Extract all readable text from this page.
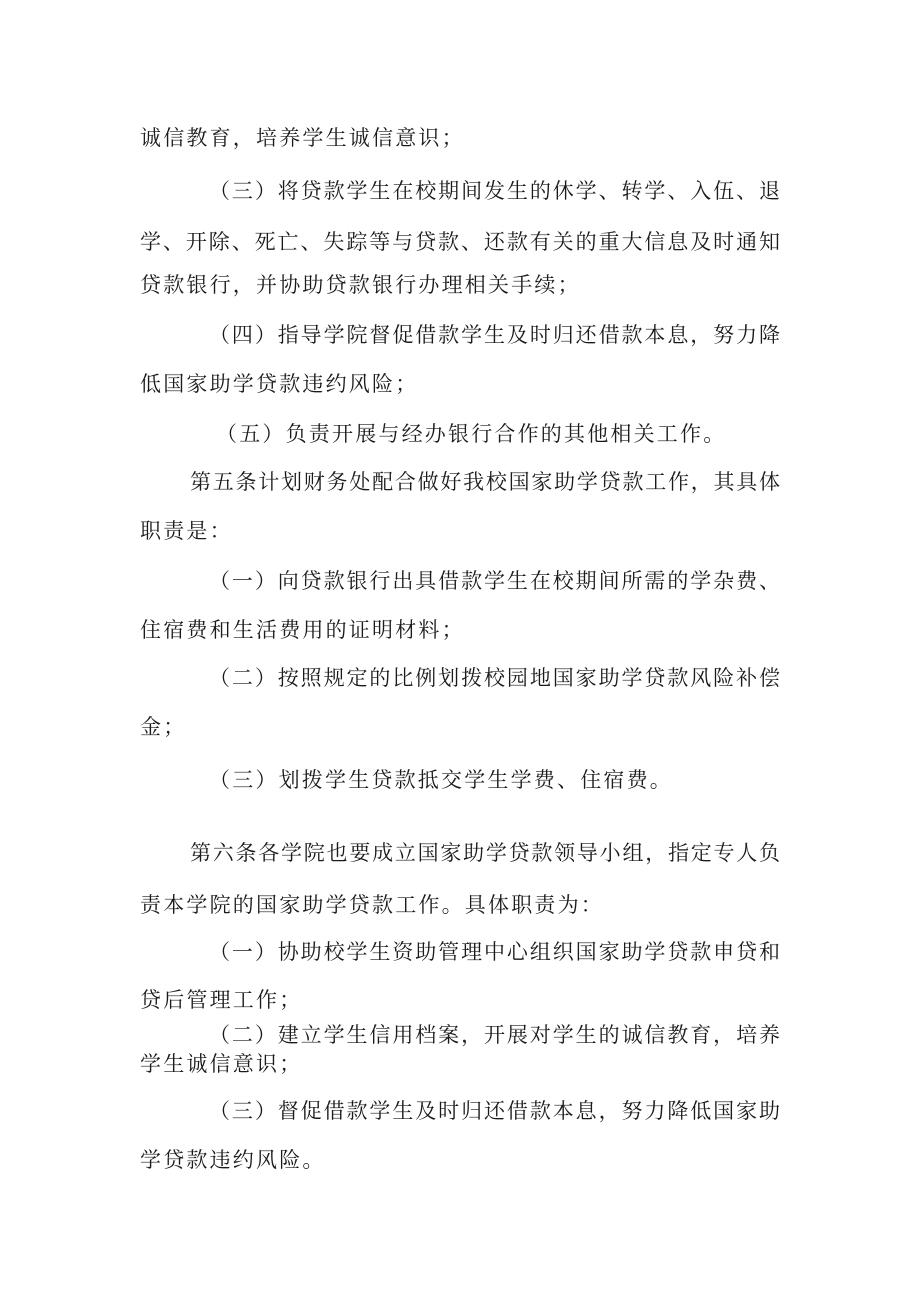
诚信教育，培养学生诚信意识；

（三）将贷款学生在校期间发生的休学、转学、入伍、退

学、开除、死亡、失踪等与贷款、还款有关的重大信息及时通知

贷款银行，并协助贷款银行办理相关手续；

（四）指导学院督促借款学生及时归还借款本息，努力降

低国家助学贷款违约风险；

（五）负责开展与经办银行合作的其他相关工作。

第五条计划财务处配合做好我校国家助学贷款工作，其具体

职责是：

（一）向贷款银行出具借款学生在校期间所需的学杂费、

住宿费和生活费用的证明材料；

（二）按照规定的比例划拨校园地国家助学贷款风险补偿

金；

（三）划拨学生贷款抵交学生学费、住宿费。

第六条各学院也要成立国家助学贷款领导小组，指定专人负

责本学院的国家助学贷款工作。具体职责为：

（一）协助校学生资助管理中心组织国家助学贷款申贷和

贷后管理工作；

（二）建立学生信用档案，开展对学生的诚信教育，培养

学生诚信意识；

（三）督促借款学生及时归还借款本息，努力降低国家助

学贷款违约风险。
